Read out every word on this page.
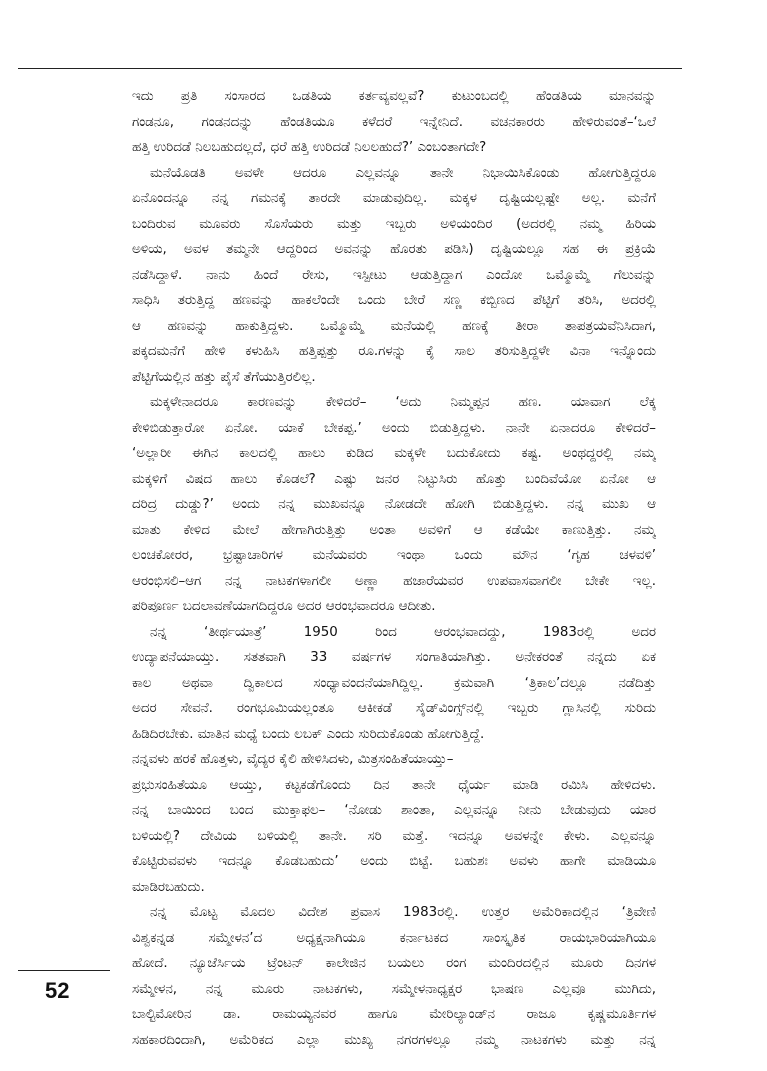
ಇದು ಪ್ರತಿ ಸಂಸಾರದ ಒಡತಿಯ ಕರ್ತವ್ಯವಲ್ಲವೆ? ಕುಟುಂಬದಲ್ಲಿ ಹೆಂಡತಿಯ ಮಾನವನ್ನು
ಗಂಡನೂ, ಗಂಡನದನ್ನು ಹೆಂಡತಿಯೂ ಕಳೆದರೆ ಇನ್ನೇನಿದೆ. ವಚನಕಾರರು ಹೇಳಿರುವಂತೆ–‘ಒಲೆ
ಹತ್ತಿ ಉರಿದಡೆ ನಿಲಬಹುದಲ್ಲದೆ, ಧರೆ ಹತ್ತಿ ಉರಿದಡೆ ನಿಲಲಹುದೆ?’ ಎಂಬಂತಾಗದೇ?
ಮನೆಯೊಡತಿ ಅವಳೇ ಆದರೂ ಎಲ್ಲವನ್ನೂ ತಾನೇ ನಿಭಾಯಿಸಿಕೊಂಡು ಹೋಗುತ್ತಿದ್ದರೂ
ಏನೊಂದನ್ನೂ ನನ್ನ ಗಮನಕ್ಕೆ ತಾರದೇ ಮಾಡುವುದಿಲ್ಲ. ಮಕ್ಕಳ ದೃಷ್ಟಿಯಲ್ಲಷ್ಟೇ ಅಲ್ಲ. ಮನೆಗೆ
ಬಂದಿರುವ ಮೂವರು ಸೊಸೆಯರು ಮತ್ತು ಇಬ್ಬರು ಅಳಿಯಂದಿರ (ಅದರಲ್ಲಿ ನಮ್ಮ ಹಿರಿಯ
ಅಳಿಯ, ಅವಳ ತಮ್ಮನೇ ಆದ್ದರಿಂದ ಅವನನ್ನು ಹೊರತು ಪಡಿಸಿ) ದೃಷ್ಟಿಯಲ್ಲೂ ಸಹ ಈ ಪ್ರಕ್ರಿಯೆ
ನಡೆಸಿದ್ದಾಳೆ. ನಾನು ಹಿಂದೆ ರೇಸು, ಇಸ್ಪೀಟು ಆಡುತ್ತಿದ್ದಾಗ ಎಂದೋ ಒಮ್ಮೊಮ್ಮೆ ಗೆಲುವನ್ನು
ಸಾಧಿಸಿ ತರುತ್ತಿದ್ದ ಹಣವನ್ನು ಹಾಕಲೆಂದೇ ಒಂದು ಬೇರೆ ಸಣ್ಣ ಕಬ್ಬಿಣದ ಪೆಟ್ಟಿಗೆ ತರಿಸಿ, ಅದರಲ್ಲಿ
ಆ ಹಣವನ್ನು ಹಾಕುತ್ತಿದ್ದಳು. ಒಮ್ಮೊಮ್ಮೆ ಮನೆಯಲ್ಲಿ ಹಣಕ್ಕೆ ತೀರಾ ತಾಪತ್ರಯವೆನಿಸಿದಾಗ,
ಪಕ್ಕದಮನೆಗೆ ಹೇಳಿ ಕಳುಹಿಸಿ ಹತ್ತಿಪ್ಪತ್ತು ರೂ.ಗಳನ್ನು ಕೈ ಸಾಲ ತರಿಸುತ್ತಿದ್ದಳೇ ವಿನಾ ಇನ್ನೊಂದು
ಪೆಟ್ಟಿಗೆಯಲ್ಲಿನ ಹತ್ತು ಪೈಸೆ ತೆಗೆಯುತ್ತಿರಲಿಲ್ಲ.
ಮಕ್ಕಳೇನಾದರೂ ಕಾರಣವನ್ನು ಕೇಳಿದರೆ– ‘ಅದು ನಿಮ್ಮಪ್ಪನ ಹಣ. ಯಾವಾಗ ಲೆಕ್ಕ
ಕೇಳಿಬಿಡುತ್ತಾರೋ ಏನೋ. ಯಾಕೆ ಬೇಕಪ್ಪ.’ ಅಂದು ಬಿಡುತ್ತಿದ್ದಳು. ನಾನೇ ಏನಾದರೂ ಕೇಳಿದರೆ–
‘ಅಲ್ಲಾರೀ ಈಗಿನ ಕಾಲದಲ್ಲಿ ಹಾಲು ಕುಡಿದ ಮಕ್ಕಳೇ ಬದುಕೋದು ಕಷ್ಟ. ಅಂಥದ್ದರಲ್ಲಿ ನಮ್ಮ
ಮಕ್ಕಳಿಗೆ ವಿಷದ ಹಾಲು ಕೊಡಲೆ? ಎಷ್ಟು ಜನರ ನಿಟ್ಟುಸಿರು ಹೊತ್ತು ಬಂದಿವೆಯೋ ಏನೋ ಆ
ದರಿದ್ರ ದುಡ್ಡು?’ ಅಂದು ನನ್ನ ಮುಖವನ್ನೂ ನೋಡದೇ ಹೋಗಿ ಬಿಡುತ್ತಿದ್ದಳು. ನನ್ನ ಮುಖ ಆ
ಮಾತು ಕೇಳಿದ ಮೇಲೆ ಹೇಗಾಗಿರುತ್ತಿತ್ತು ಅಂತಾ ಅವಳಿಗೆ ಆ ಕಡೆಯೇ ಕಾಣುತ್ತಿತ್ತು. ನಮ್ಮ
ಲಂಚಕೋರರ, ಭ್ರಷ್ಟಾಚಾರಿಗಳ ಮನೆಯವರು ಇಂಥಾ ಒಂದು ಮೌನ ‘ಗೃಹ ಚಳವಳಿ’
ಆರಂಭಿಸಲಿ–ಆಗ ನನ್ನ ನಾಟಕಗಳಾಗಲೀ ಅಣ್ಣಾ ಹಜಾರೆಯವರ ಉಪವಾಸವಾಗಲೀ ಬೇಕೇ ಇಲ್ಲ.
ಪರಿಪೂರ್ಣ ಬದಲಾವಣೆಯಾಗದಿದ್ದರೂ ಅದರ ಆರಂಭವಾದರೂ ಆದೀತು.
ನನ್ನ ‘ತೀರ್ಥಯಾತ್ರೆ’ 1950 ರಿಂದ ಆರಂಭವಾದದ್ದು, 1983ರಲ್ಲಿ ಅದರ
ಉದ್ಯಾಪನೆಯಾಯ್ತು. ಸತತವಾಗಿ 33 ವರ್ಷಗಳ ಸಂಗಾತಿಯಾಗಿತ್ತು. ಅನೇಕರಂತೆ ನನ್ನದು ಏಕ
ಕಾಲ ಅಥವಾ ದ್ವಿಕಾಲದ ಸಂಧ್ಯಾವಂದನೆಯಾಗಿದ್ದಿಲ್ಲ. ಕ್ರಮವಾಗಿ ‘ತ್ರಿಕಾಲ’ದಲ್ಲೂ ನಡೆದಿತ್ತು
ಅದರ ಸೇವನೆ. ರಂಗಭೂಮಿಯಲ್ಲಂತೂ ಆಕೀಕಡೆ ಸೈಡ್‌ವಿಂಗ್ಸ್‌ನಲ್ಲಿ ಇಬ್ಬರು ಗ್ಲಾಸಿನಲ್ಲಿ ಸುರಿದು
ಹಿಡಿದಿರಬೇಕು. ಮಾತಿನ ಮಧ್ಯೆ ಬಂದು ಲಬಕ್ ಎಂದು ಸುರಿದುಕೊಂಡು ಹೋಗುತ್ತಿದ್ದೆ.
ನನ್ನವಳು ಹರಕೆ ಹೊತ್ತಳು, ವೈದ್ಯರ ಕೈಲಿ ಹೇಳಿಸಿದಳು, ಮಿತ್ರಸಂಹಿತೆಯಾಯ್ತು–
ಪ್ರಭುಸಂಹಿತೆಯೂ ಆಯ್ತು, ಕಟ್ಟಕಡೆಗೊಂದು ದಿನ ತಾನೇ ಧೈರ್ಯ ಮಾಡಿ ರಮಿಸಿ ಹೇಳಿದಳು.
ನನ್ನ ಬಾಯಿಂದ ಬಂದ ಮುಕ್ತಾಫಲ– ‘ನೋಡು ಶಾಂತಾ, ಎಲ್ಲವನ್ನೂ ನೀನು ಬೇಡುವುದು ಯಾರ
ಬಳಿಯಲ್ಲಿ? ದೇವಿಯ ಬಳಿಯಲ್ಲಿ ತಾನೇ. ಸರಿ ಮತ್ತೆ. ಇದನ್ನೂ ಅವಳನ್ನೇ ಕೇಳು. ಎಲ್ಲವನ್ನೂ
ಕೊಟ್ಟಿರುವವಳು ಇದನ್ನೂ ಕೊಡಬಹುದು’ ಅಂದು ಬಿಟ್ಟೆ. ಬಹುಶಃ ಅವಳು ಹಾಗೇ ಮಾಡಿಯೂ
ಮಾಡಿರಬಹುದು.
ನನ್ನ ಮೊಟ್ಟ ಮೊದಲ ವಿದೇಶ ಪ್ರವಾಸ 1983ರಲ್ಲಿ. ಉತ್ತರ ಅಮೆರಿಕಾದಲ್ಲಿನ ‘ತ್ರಿವೇಣಿ
ವಿಶ್ವಕನ್ನಡ ಸಮ್ಮೇಳನ’ದ ಅಧ್ಯಕ್ಷನಾಗಿಯೂ ಕರ್ನಾಟಕದ ಸಾಂಸ್ಕೃತಿಕ ರಾಯಭಾರಿಯಾಗಿಯೂ
ಹೋದೆ. ನ್ಯೂಜೆರ್ಸಿಯ ಟ್ರೆಂಟನ್ ಕಾಲೇಜಿನ ಬಯಲು ರಂಗ ಮಂದಿರದಲ್ಲಿನ ಮೂರು ದಿನಗಳ
ಸಮ್ಮೇಳನ, ನನ್ನ ಮೂರು ನಾಟಕಗಳು, ಸಮ್ಮೇಳನಾಧ್ಯಕ್ಷರ ಭಾಷಣ ಎಲ್ಲವೂ ಮುಗಿದು,
ಬಾಲ್ಟಿಮೋರಿನ ಡಾ. ರಾಮಯ್ಯನವರ ಹಾಗೂ ಮೇರಿಲ್ಯಾಂಡ್‌ನ ರಾಜೂ ಕೃಷ್ಣಮೂರ್ತಿಗಳ
ಸಹಕಾರದಿಂದಾಗಿ, ಅಮೆರಿಕದ ಎಲ್ಲಾ ಮುಖ್ಯ ನಗರಗಳಲ್ಲೂ ನಮ್ಮ ನಾಟಕಗಳು ಮತ್ತು ನನ್ನ
52
